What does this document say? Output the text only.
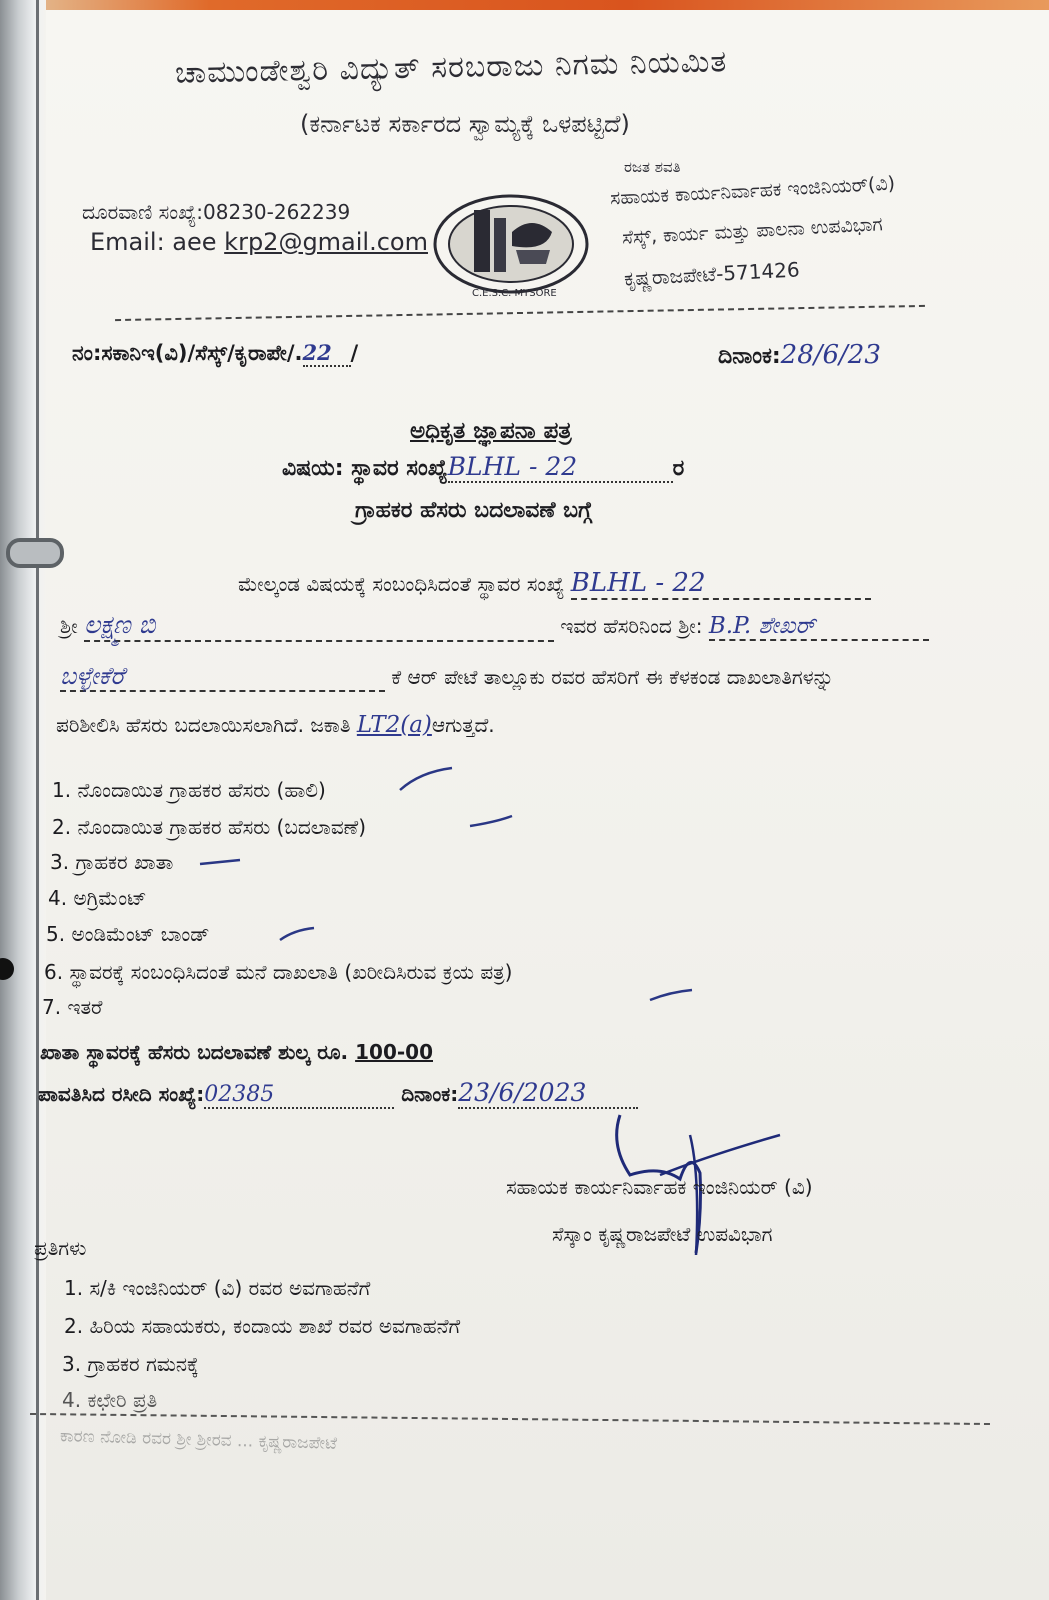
ಚಾಮುಂಡೇಶ್ವರಿ ವಿದ್ಯುತ್ ಸರಬರಾಜು ನಿಗಮ ನಿಯಮಿತ
(ಕರ್ನಾಟಕ ಸರ್ಕಾರದ ಸ್ವಾಮ್ಯಕ್ಕೆ ಒಳಪಟ್ಟಿದೆ)
ದೂರವಾಣಿ ಸಂಖ್ಯೆ:08230-262239
Email: aee krp2@gmail.com
C.E.S.C. MYSORE
ರಜತ ಶವತಿ
ಸಹಾಯಕ ಕಾರ್ಯನಿರ್ವಾಹಕ ಇಂಜಿನಿಯರ್(ವಿ)
ಸೆಸ್ಕ್, ಕಾರ್ಯ ಮತ್ತು ಪಾಲನಾ ಉಪವಿಭಾಗ
ಕೃಷ್ಣರಾಜಪೇಟೆ-571426
ನಂ:ಸಕಾನಿಇ(ವಿ)/ಸೆಸ್ಕ್/ಕೃರಾಪೇ/.22 /	ದಿನಾಂಕ:28/6/23
ಅಧಿಕೃತ ಜ್ಞಾಪನಾ ಪತ್ರ
ವಿಷಯ: ಸ್ಥಾವರ ಸಂಖ್ಯೆBLHL - 22	ರ
ಗ್ರಾಹಕರ ಹೆಸರು ಬದಲಾವಣೆ ಬಗ್ಗೆ
ಮೇಲ್ಕಂಡ ವಿಷಯಕ್ಕೆ ಸಂಬಂಧಿಸಿದಂತೆ ಸ್ಥಾವರ ಸಂಖ್ಯೆ BLHL - 22
ಶ್ರೀ ಲಕ್ಷ್ಮಣ ಬಿ	ಇವರ ಹೆಸರಿನಿಂದ ಶ್ರೀ: B.P. ಶೇಖರ್
ಬಳ್ಳೇಕೆರೆ	ಕೆ ಆರ್ ಪೇಟೆ ತಾಲ್ಲೂಕು ರವರ ಹೆಸರಿಗೆ ಈ ಕೆಳಕಂಡ ದಾಖಲಾತಿಗಳನ್ನು
ಪರಿಶೀಲಿಸಿ ಹೆಸರು ಬದಲಾಯಿಸಲಾಗಿದೆ. ಜಕಾತಿ LT2(a)ಆಗುತ್ತದೆ.
1. ನೊಂದಾಯಿತ ಗ್ರಾಹಕರ ಹೆಸರು (ಹಾಲಿ)
2. ನೊಂದಾಯಿತ ಗ್ರಾಹಕರ ಹೆಸರು (ಬದಲಾವಣೆ)
3. ಗ್ರಾಹಕರ ಖಾತಾ
4. ಅಗ್ರಿಮೆಂಟ್
5. ಅಂಡಿಮೆಂಟ್ ಬಾಂಡ್
6. ಸ್ಥಾವರಕ್ಕೆ ಸಂಬಂಧಿಸಿದಂತೆ ಮನೆ ದಾಖಲಾತಿ (ಖರೀದಿಸಿರುವ ಕ್ರಯ ಪತ್ರ)
7. ಇತರೆ
ಖಾತಾ ಸ್ಥಾವರಕ್ಕೆ ಹೆಸರು ಬದಲಾವಣೆ ಶುಲ್ಕ ರೂ. 100-00
ಪಾವತಿಸಿದ ರಸೀದಿ ಸಂಖ್ಯೆ:02385	ದಿನಾಂಕ:23/6/2023
ಸಹಾಯಕ ಕಾರ್ಯನಿರ್ವಾಹಕ ಇಂಜಿನಿಯರ್ (ವಿ)
ಸೆಸ್ಕಾಂ ಕೃಷ್ಣರಾಜಪೇಟೆ ಉಪವಿಭಾಗ
ಪ್ರತಿಗಳು
1. ಸ/ಕಿ ಇಂಜಿನಿಯರ್ (ವಿ) ರವರ ಅವಗಾಹನೆಗೆ
2. ಹಿರಿಯ ಸಹಾಯಕರು, ಕಂದಾಯ ಶಾಖೆ ರವರ ಅವಗಾಹನೆಗೆ
3. ಗ್ರಾಹಕರ ಗಮನಕ್ಕೆ
4. ಕಛೇರಿ ಪ್ರತಿ
ಕಾರಣ ನೋಡಿ ರವರ ಶ್ರೀ ಶ್ರೀರವ ... ಕೃಷ್ಣರಾಜಪೇಟೆ
